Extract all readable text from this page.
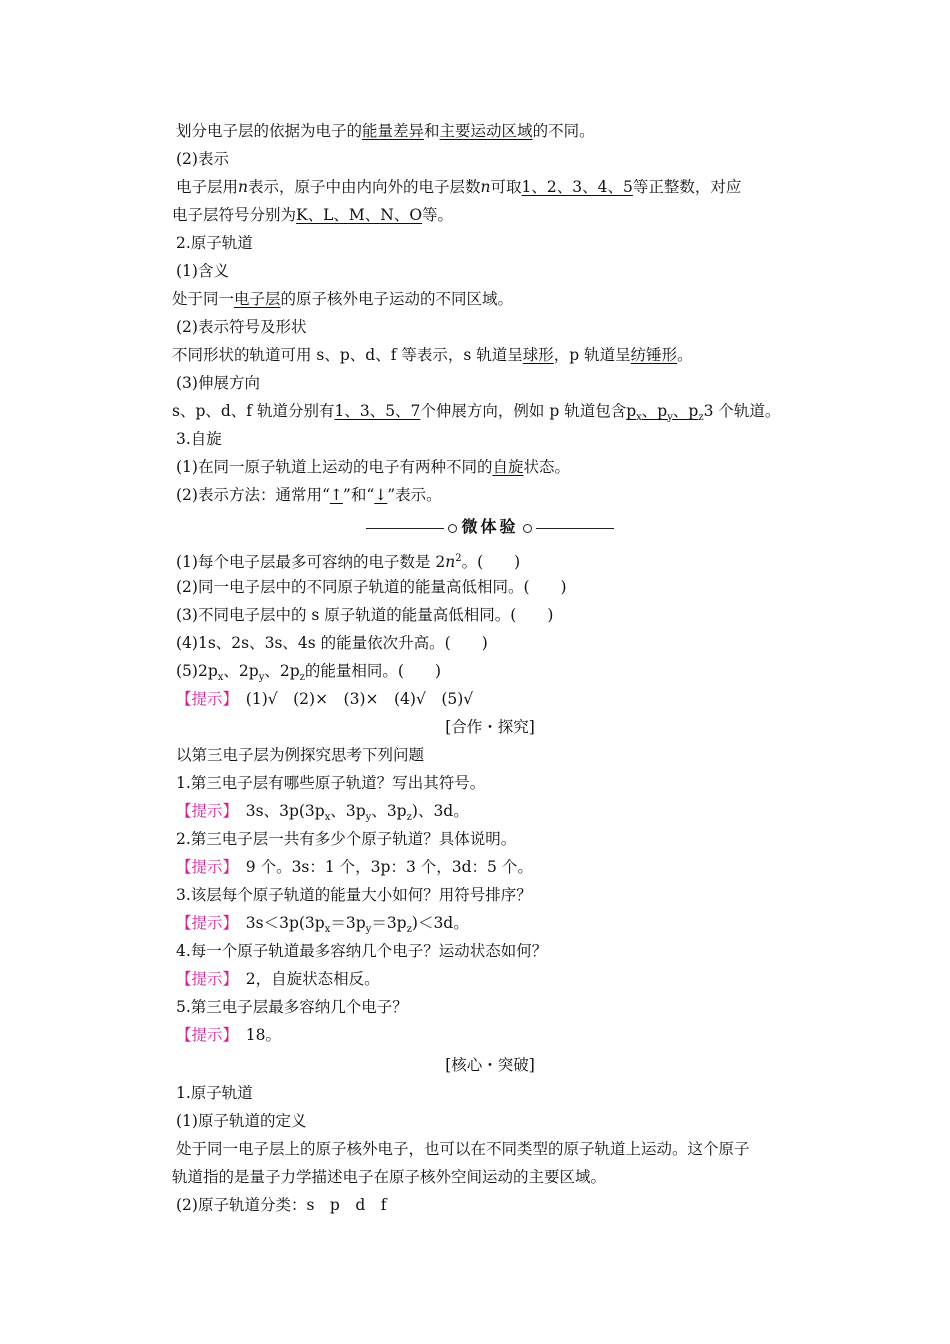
划分电子层的依据为电子的能量差异和主要运动区域的不同。
(2)表示
电子层用n表示，原子中由内向外的电子层数n可取1、2、3、4、5等正整数，对应
电子层符号分别为K、L、M、N、O等。
2.原子轨道
(1)含义
处于同一电子层的原子核外电子运动的不同区域。
(2)表示符号及形状
不同形状的轨道可用 s、p、d、f 等表示，s 轨道呈球形，p 轨道呈纺锤形。
(3)伸展方向
s、p、d、f 轨道分别有1、3、5、7个伸展方向，例如 p 轨道包含$p_x$、$p_y$、$p_z3$ 个轨道。
3.自旋
(1)在同一原子轨道上运动的电子有两种不同的自旋状态。
(2)表示方法：通常用“↑”和“↓”表示。
微体验
(1)每个电子层最多可容纳的电子数是 $2n^2$。(　　)
(2)同一电子层中的不同原子轨道的能量高低相同。(　　)
(3)不同电子层中的 s 原子轨道的能量高低相同。(　　)
(4)1s、2s、3s、4s 的能量依次升高。(　　)
$(5)2p_x$、$2p_y$、$2p_z$的能量相同。(　　)
【提示】　 (1)√　(2)×　(3)×　(4)√　(5)√
[合作・探究]
以第三电子层为例探究思考下列问题
1.第三电子层有哪些原子轨道？写出其符号。
【提示】　 3s、$3p(3p_x$、$3p_y$、$3p_z$)、3d。
2.第三电子层一共有多少个原子轨道？具体说明。
【提示】　 9 个。3s：1 个，3p：3 个，3d：5 个。
3.该层每个原子轨道的能量大小如何？用符号排序？
【提示】　 $3s<3p(3p_x=3p_y=3p_z)<3d$。
4.每一个原子轨道最多容纳几个电子？运动状态如何？
【提示】　 2，自旋状态相反。
5.第三电子层最多容纳几个电子？
【提示】　 18。
[核心・突破]
1.原子轨道
(1)原子轨道的定义
处于同一电子层上的原子核外电子，也可以在不同类型的原子轨道上运动。这个原子
轨道指的是量子力学描述电子在原子核外空间运动的主要区域。
(2)原子轨道分类：s　p　d　f
